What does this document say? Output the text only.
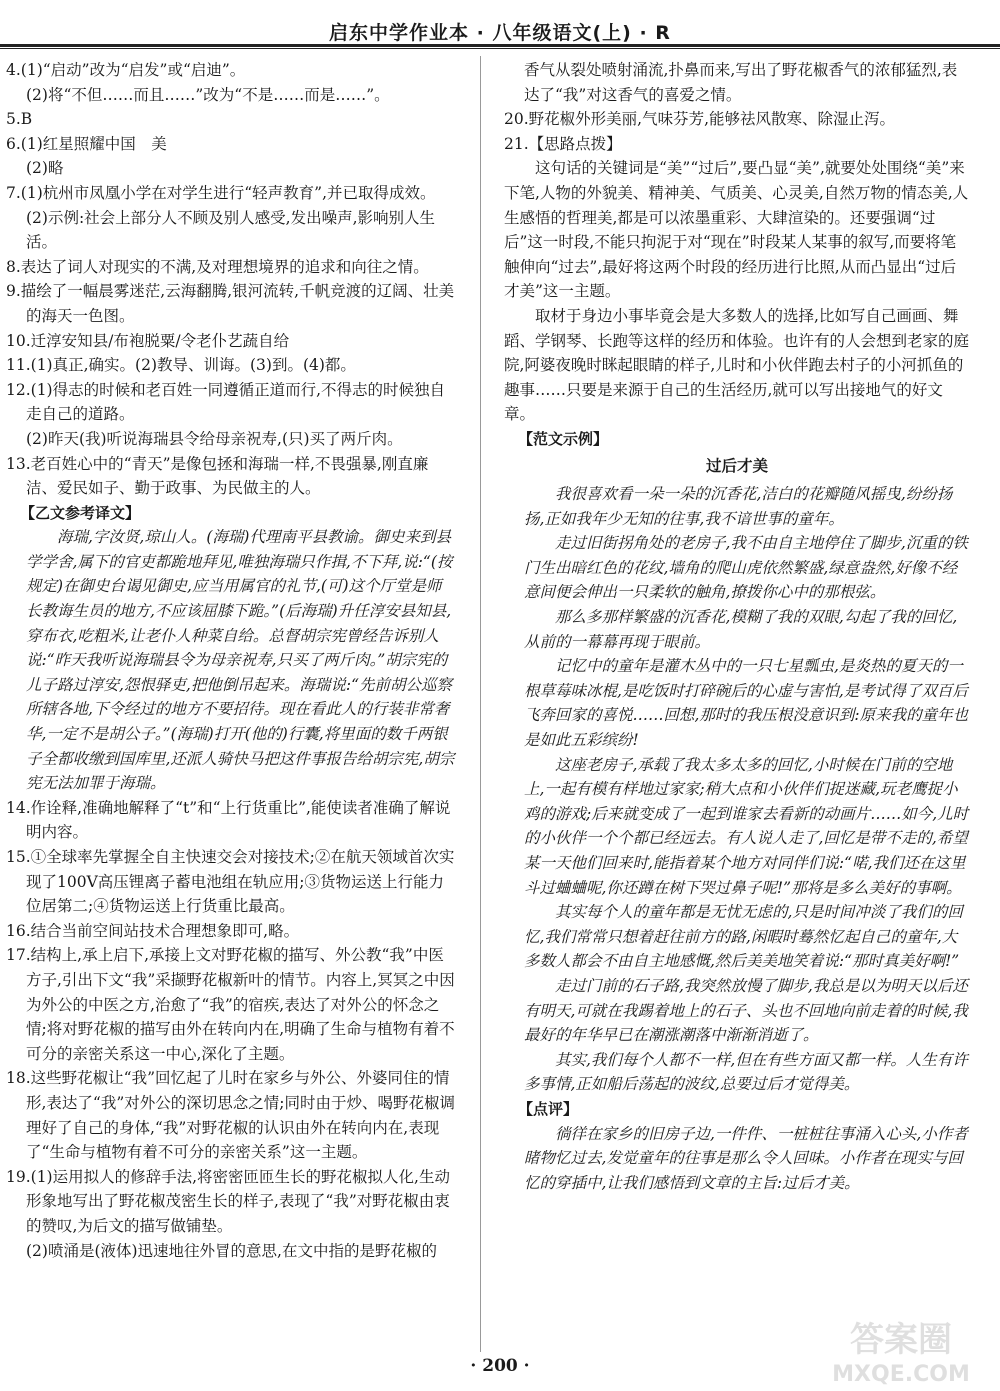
启东中学作业本 · 八年级语文(上) · R

4.(1)“启动”改为“启发”或“启迪”。

(2)将“不但……而且……”改为“不是……而是……”。

5.B

6.(1)红星照耀中国　美

(2)略

7.(1)杭州市凤凰小学在对学生进行“轻声教育”,并已取得成效。

(2)示例:社会上部分人不顾及别人感受,发出噪声,影响别人生活。

8.表达了词人对现实的不满,及对理想境界的追求和向往之情。

9.描绘了一幅晨雾迷茫,云海翻腾,银河流转,千帆竞渡的辽阔、壮美的海天一色图。

10.迁淳安知县/布袍脱粟/令老仆艺蔬自给

11.(1)真正,确实。(2)教导、训诲。(3)到。(4)都。

12.(1)得志的时候和老百姓一同遵循正道而行,不得志的时候独自走自己的道路。

(2)昨天(我)听说海瑞县令给母亲祝寿,(只)买了两斤肉。

13.老百姓心中的“青天”是像包拯和海瑞一样,不畏强暴,刚直廉洁、爱民如子、勤于政事、为民做主的人。

【乙文参考译文】

海瑞,字汝贤,琼山人。(海瑞)代理南平县教谕。御史来到县学学舍,属下的官吏都跪地拜见,唯独海瑞只作揖,不下拜,说:“(按规定)在御史台谒见御史,应当用属官的礼节,(可)这个厅堂是师长教诲生员的地方,不应该屈膝下跪。”(后海瑞)升任淳安县知县,穿布衣,吃粗米,让老仆人种菜自给。总督胡宗宪曾经告诉别人说:“昨天我听说海瑞县令为母亲祝寿,只买了两斤肉。”胡宗宪的儿子路过淳安,怨恨驿吏,把他倒吊起来。海瑞说:“先前胡公巡察所辖各地,下令经过的地方不要招待。现在看此人的行装非常奢华,一定不是胡公子。”(海瑞)打开(他的)行囊,将里面的数千两银子全都收缴到国库里,还派人骑快马把这件事报告给胡宗宪,胡宗宪无法加罪于海瑞。

14.作诠释,准确地解释了“t”和“上行货重比”,能使读者准确了解说明内容。

15.①全球率先掌握全自主快速交会对接技术;②在航天领域首次实现了100V高压锂离子蓄电池组在轨应用;③货物运送上行能力位居第二;④货物运送上行货重比最高。

16.结合当前空间站技术合理想象即可,略。

17.结构上,承上启下,承接上文对野花椒的描写、外公教“我”中医方子,引出下文“我”采撷野花椒新叶的情节。内容上,冥冥之中因为外公的中医之方,治愈了“我”的宿疾,表达了对外公的怀念之情;将对野花椒的描写由外在转向内在,明确了生命与植物有着不可分的亲密关系这一中心,深化了主题。

18.这些野花椒让“我”回忆起了儿时在家乡与外公、外婆同住的情形,表达了“我”对外公的深切思念之情;同时由于炒、喝野花椒调理好了自己的身体,“我”对野花椒的认识由外在转向内在,表现了“生命与植物有着不可分的亲密关系”这一主题。

19.(1)运用拟人的修辞手法,将密密匝匝生长的野花椒拟人化,生动形象地写出了野花椒茂密生长的样子,表现了“我”对野花椒由衷的赞叹,为后文的描写做铺垫。

(2)喷涌是(液体)迅速地往外冒的意思,在文中指的是野花椒的

香气从裂处喷射涌流,扑鼻而来,写出了野花椒香气的浓郁猛烈,表达了“我”对这香气的喜爱之情。

20.野花椒外形美丽,气味芬芳,能够祛风散寒、除湿止泻。

21.【思路点拨】

这句话的关键词是“美”“过后”,要凸显“美”,就要处处围绕“美”来下笔,人物的外貌美、精神美、气质美、心灵美,自然万物的情态美,人生感悟的哲理美,都是可以浓墨重彩、大肆渲染的。还要强调“过后”这一时段,不能只拘泥于对“现在”时段某人某事的叙写,而要将笔触伸向“过去”,最好将这两个时段的经历进行比照,从而凸显出“过后才美”这一主题。

取材于身边小事毕竟会是大多数人的选择,比如写自己画画、舞蹈、学钢琴、长跑等这样的经历和体验。也许有的人会想到老家的庭院,阿婆夜晚时眯起眼睛的样子,儿时和小伙伴跑去村子的小河抓鱼的趣事……只要是来源于自己的生活经历,就可以写出接地气的好文章。

【范文示例】

过后才美

我很喜欢看一朵一朵的沉香花,洁白的花瓣随风摇曳,纷纷扬扬,正如我年少无知的往事,我不谙世事的童年。

走过旧街拐角处的老房子,我不由自主地停住了脚步,沉重的铁门生出暗红色的花纹,墙角的爬山虎依然繁盛,绿意盎然,好像不经意间便会伸出一只柔软的触角,撩拨你心中的那根弦。

那么多那样繁盛的沉香花,模糊了我的双眼,勾起了我的回忆,从前的一幕幕再现于眼前。

记忆中的童年是灌木丛中的一只七星瓢虫,是炎热的夏天的一根草莓味冰棍,是吃饭时打碎碗后的心虚与害怕,是考试得了双百后飞奔回家的喜悦……回想,那时的我压根没意识到:原来我的童年也是如此五彩缤纷!

这座老房子,承载了我太多太多的回忆,小时候在门前的空地上,一起有模有样地过家家;稍大点和小伙伴们捉迷藏,玩老鹰捉小鸡的游戏;后来就变成了一起到谁家去看新的动画片……如今,儿时的小伙伴一个个都已经远去。有人说人走了,回忆是带不走的,希望某一天他们回来时,能指着某个地方对同伴们说:“喏,我们还在这里斗过蛐蛐呢,你还蹲在树下哭过鼻子呢!”那将是多么美好的事啊。

其实每个人的童年都是无忧无虑的,只是时间冲淡了我们的回忆,我们常常只想着赶往前方的路,闲暇时蓦然忆起自己的童年,大多数人都会不由自主地感慨,然后美美地笑着说:“那时真美好啊!”

走过门前的石子路,我突然放慢了脚步,我总是以为明天以后还有明天,可就在我踢着地上的石子、头也不回地向前走着的时候,我最好的年华早已在潮涨潮落中渐渐消逝了。

其实,我们每个人都不一样,但在有些方面又都一样。人生有许多事情,正如船后荡起的波纹,总要过后才觉得美。

【点评】

徜徉在家乡的旧房子边,一件件、一桩桩往事涌入心头,小作者睹物忆过去,发觉童年的往事是那么令人回味。小作者在现实与回忆的穿插中,让我们感悟到文章的主旨:过后才美。

· 200 ·
答案圈
MXQE.COM
